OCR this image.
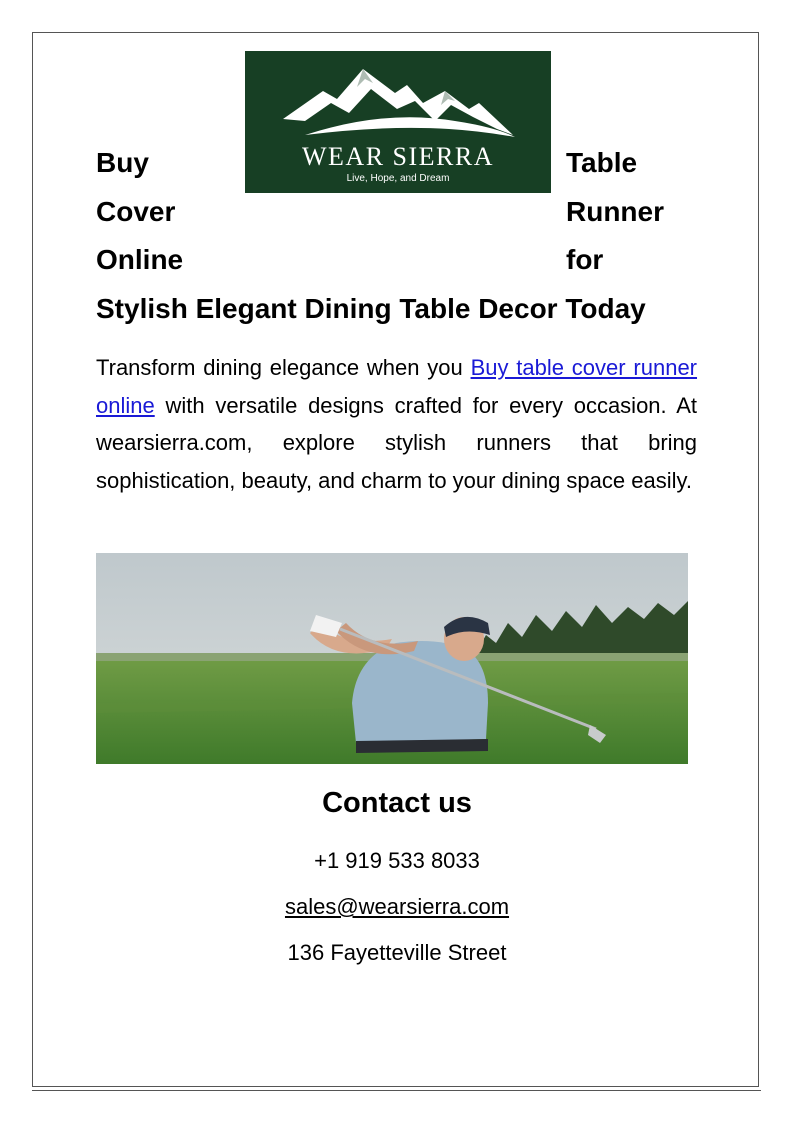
WEAR SIERRA
Live, Hope, and Dream
Buy	Table
Cover	Runner
Online	for
Stylish Elegant Dining Table Decor Today

Transform dining elegance when you Buy table cover runner online with versatile designs crafted for every occasion. At wearsierra.com, explore stylish runners that bring sophistication, beauty, and charm to your dining space easily.

Contact us
+1 919 533 8033
sales@wearsierra.com
136 Fayetteville Street
